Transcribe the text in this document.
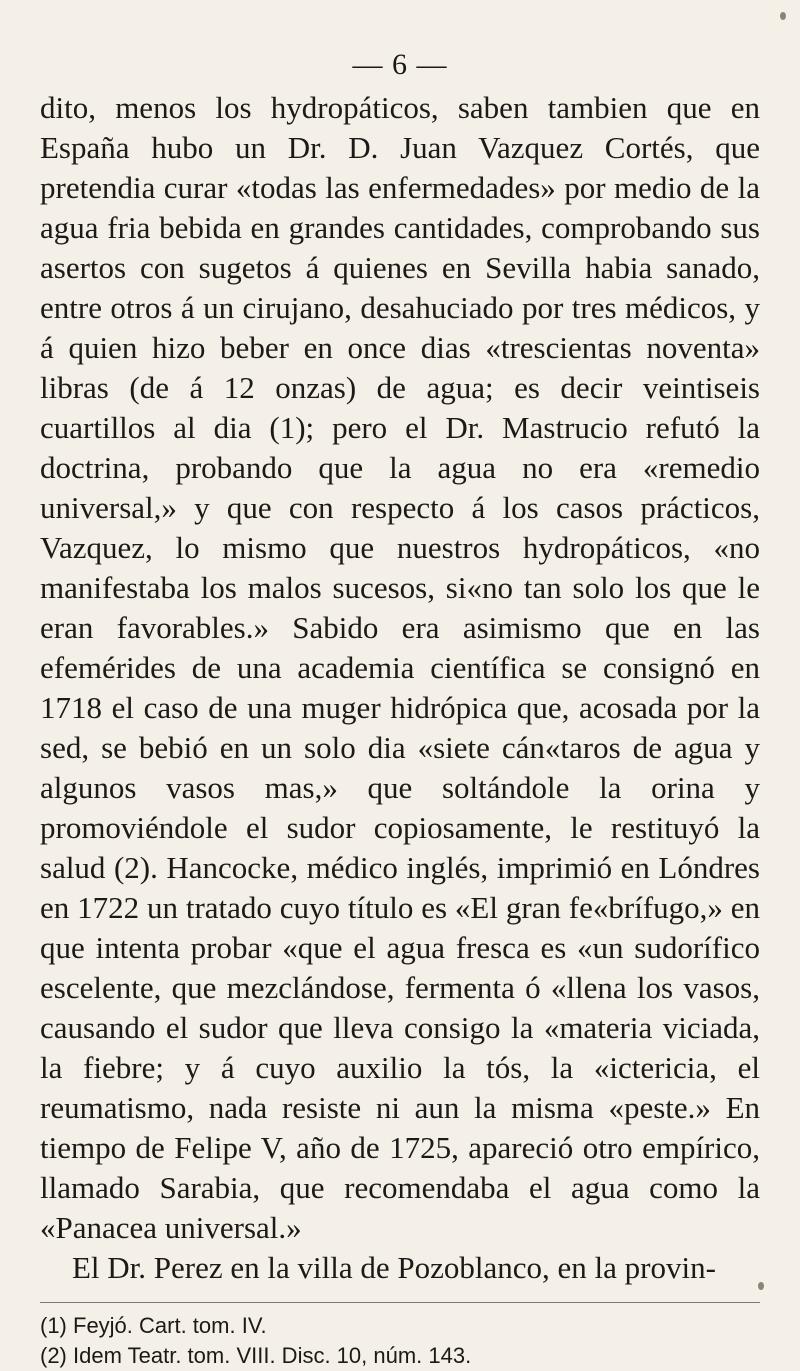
— 6 —

dito, menos los hydropáticos, saben tambien que en España hubo un Dr. D. Juan Vazquez Cortés, que pretendia curar «todas las enfermedades» por medio de la agua fria bebida en grandes cantidades, comprobando sus asertos con sugetos á quienes en Sevilla habia sanado, entre otros á un cirujano, desahuciado por tres médicos, y á quien hizo beber en once dias «trescientas noventa» libras (de á 12 onzas) de agua; es decir veintiseis cuartillos al dia (1); pero el Dr. Mastrucio refutó la doctrina, probando que la agua no era «remedio universal,» y que con respecto á los casos prácticos, Vazquez, lo mismo que nuestros hydropáticos, «no manifestaba los malos sucesos, si«no tan solo los que le eran favorables.» Sabido era asimismo que en las efemérides de una academia científica se consignó en 1718 el caso de una muger hidrópica que, acosada por la sed, se bebió en un solo dia «siete cán«taros de agua y algunos vasos mas,» que soltándole la orina y promoviéndole el sudor copiosamente, le restituyó la salud (2). Hancocke, médico inglés, imprimió en Lóndres en 1722 un tratado cuyo título es «El gran fe«brífugo,» en que intenta probar «que el agua fresca es «un sudorífico escelente, que mezclándose, fermenta ó «llena los vasos, causando el sudor que lleva consigo la «materia viciada, la fiebre; y á cuyo auxilio la tós, la «ictericia, el reumatismo, nada resiste ni aun la misma «peste.» En tiempo de Felipe V, año de 1725, apareció otro empírico, llamado Sarabia, que recomendaba el agua como la «Panacea universal.»

El Dr. Perez en la villa de Pozoblanco, en la provin-

(1) Feyjó. Cart. tom. IV.

(2) Idem Teatr. tom. VIII. Disc. 10, núm. 143.
